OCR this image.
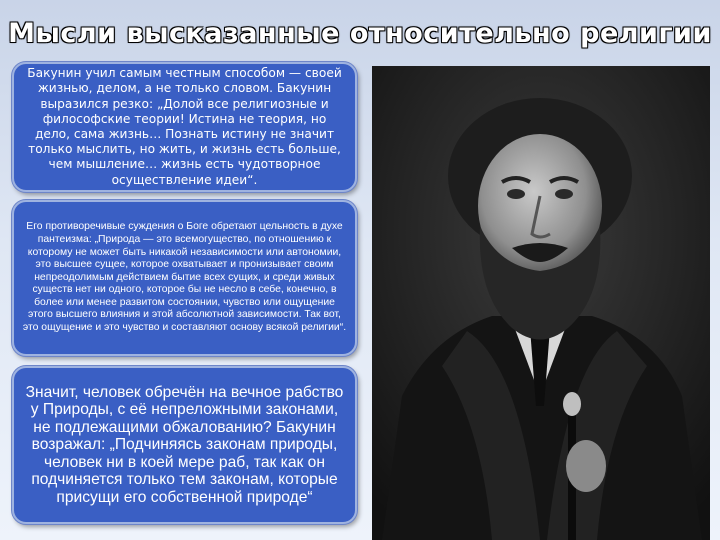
Мысли высказанные относительно религии

Бакунин учил самым честным способом — своей жизнью, делом, а не только словом. Бакунин выразился резко: „Долой все религиозные и философские теории! Истина не теория, но дело, сама жизнь… Познать истину не значит только мыслить, но жить, и жизнь есть больше, чем мышление… жизнь есть чудотворное осуществление идеи“.

Его противоречивые суждения о Боге обретают цельность в духе пантеизма: „Природа — это всемогущество, по отношению к которому не может быть никакой независимости или автономии, это высшее сущее, которое охватывает и пронизывает своим непреодолимым действием бытие всех сущих, и среди живых существ нет ни одного, которое бы не несло в себе, конечно, в более или менее развитом состоянии, чувство или ощущение этого высшего влияния и этой абсолютной зависимости. Так вот, это ощущение и это чувство и составляют основу всякой религии“.

Значит, человек обречён на вечное рабство у Природы, с её непреложными законами, не подлежащими обжалованию? Бакунин возражал: „Подчиняясь законам природы, человек ни в коей мере раб, так как он подчиняется только тем законам, которые присущи его собственной природе“
